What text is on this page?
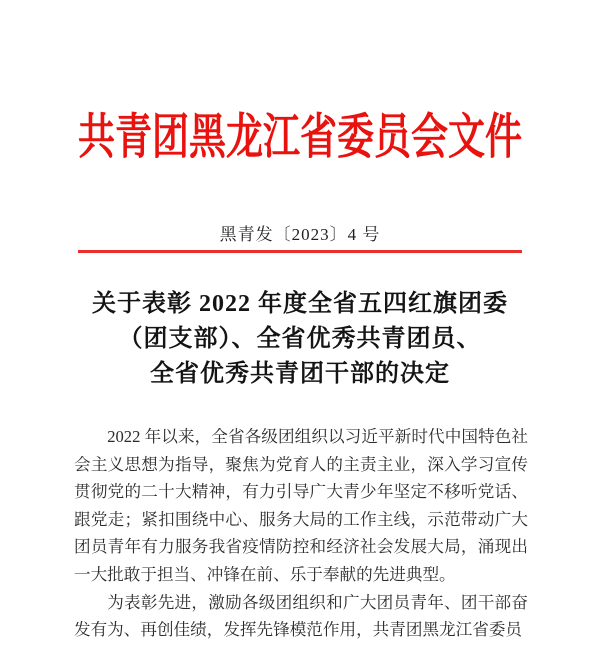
共青团黑龙江省委员会文件
黑青发〔2023〕4 号
关于表彰 2022 年度全省五四红旗团委
（团支部）、全省优秀共青团员、
全省优秀共青团干部的决定

2022 年以来，全省各级团组织以习近平新时代中国特色社会主义思想为指导，聚焦为党育人的主责主业，深入学习宣传贯彻党的二十大精神，有力引导广大青少年坚定不移听党话、跟党走；紧扣围绕中心、服务大局的工作主线，示范带动广大团员青年有力服务我省疫情防控和经济社会发展大局，涌现出一大批敢于担当、冲锋在前、乐于奉献的先进典型。

为表彰先进，激励各级团组织和广大团员青年、团干部奋发有为、再创佳绩，发挥先锋模范作用，共青团黑龙江省委员
